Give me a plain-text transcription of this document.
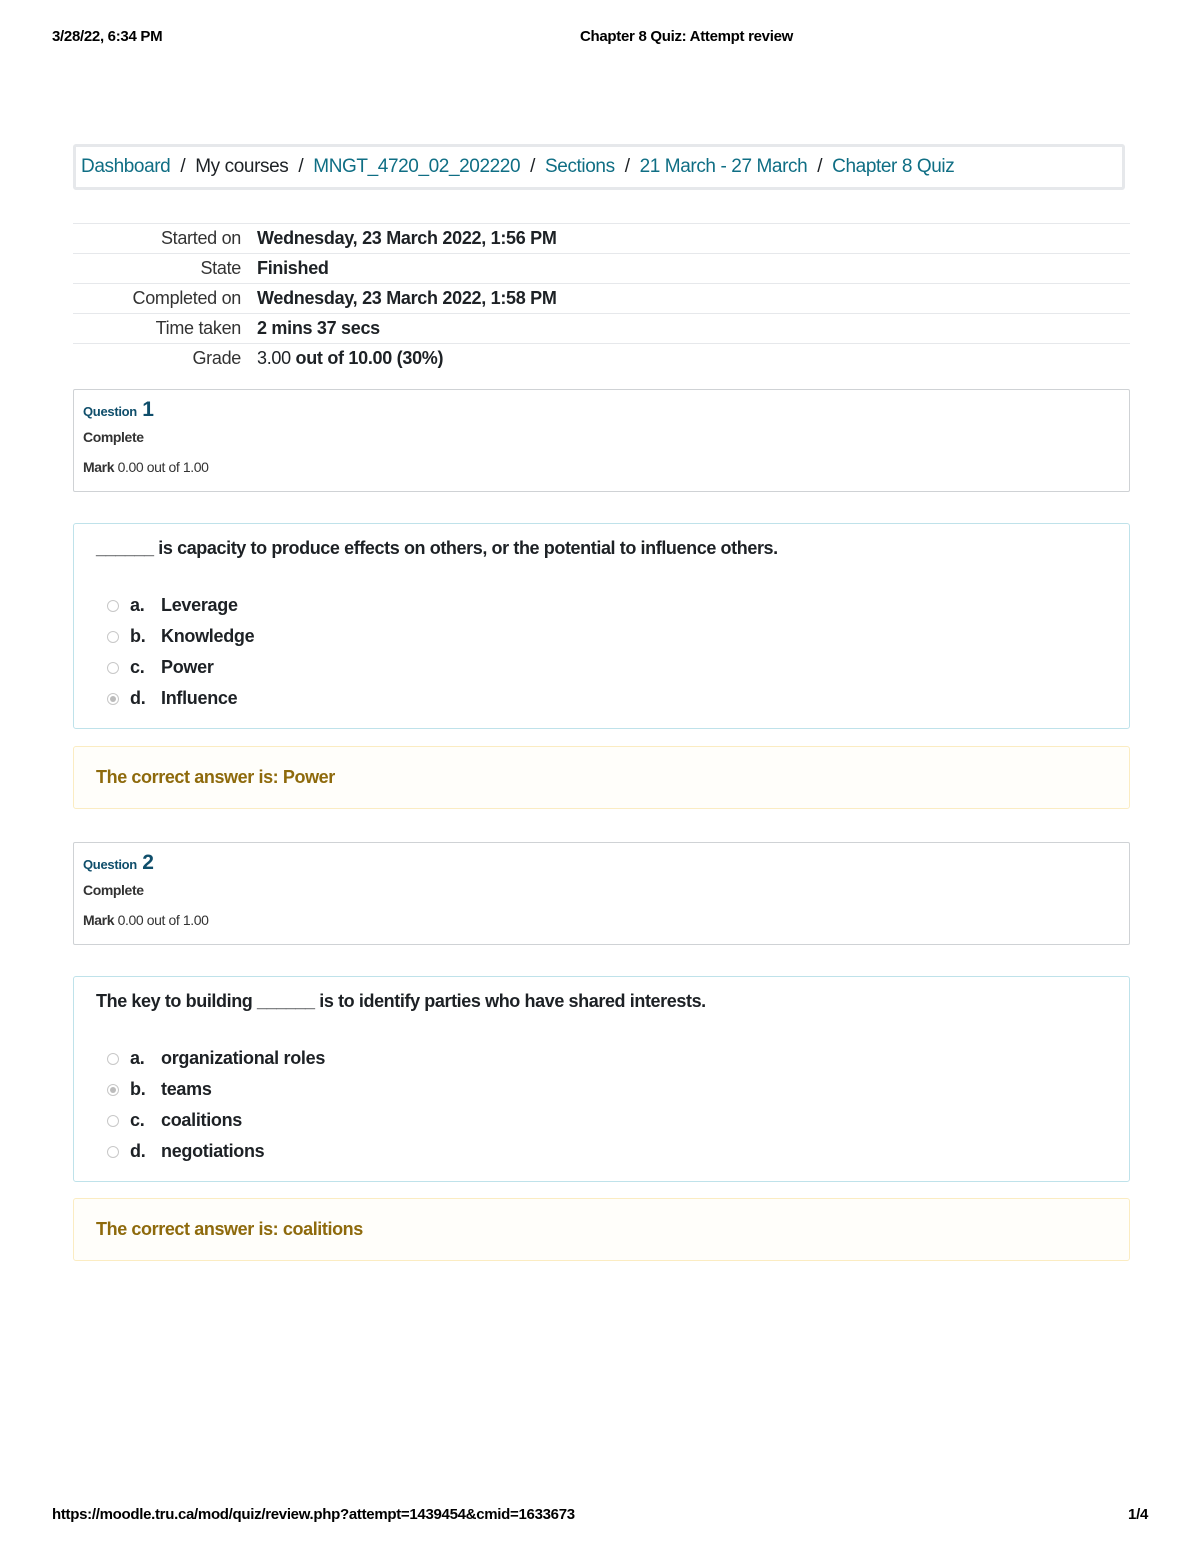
3/28/22, 6:34 PM	Chapter 8 Quiz: Attempt review
Dashboard / My courses / MNGT_4720_02_202220 / Sections / 21 March - 27 March / Chapter 8 Quiz
Started on	Wednesday, 23 March 2022, 1:56 PM
State	Finished
Completed on	Wednesday, 23 March 2022, 1:58 PM
Time taken	2 mins 37 secs
Grade	3.00 out of 10.00 (30%)
Question 1
Complete
Mark 0.00 out of 1.00
______ is capacity to produce effects on others, or the potential to influence others.
a. Leverage
b. Knowledge
c. Power
d. Influence
The correct answer is: Power
Question 2
Complete
Mark 0.00 out of 1.00
The key to building ______ is to identify parties who have shared interests.
a. organizational roles
b. teams
c. coalitions
d. negotiations
The correct answer is: coalitions
https://moodle.tru.ca/mod/quiz/review.php?attempt=1439454&cmid=1633673	1/4
